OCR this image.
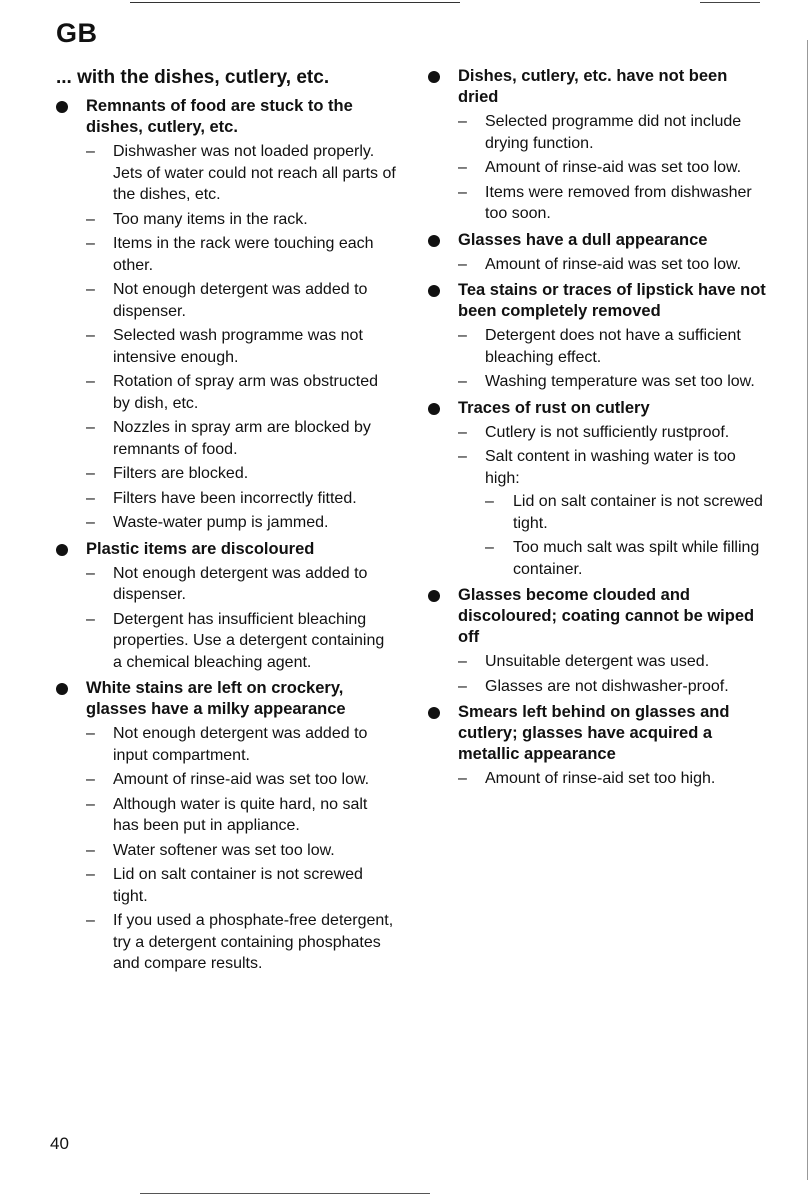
GB
... with the dishes, cutlery, etc.
Remnants of food are stuck to the dishes, cutlery, etc.
– Dishwasher was not loaded properly. Jets of water could not reach all parts of the dishes, etc.
– Too many items in the rack.
– Items in the rack were touching each other.
– Not enough detergent was added to dispenser.
– Selected wash programme was not intensive enough.
– Rotation of spray arm was obstructed by dish, etc.
– Nozzles in spray arm are blocked by remnants of food.
– Filters are blocked.
– Filters have been incorrectly fitted.
– Waste-water pump is jammed.
Plastic items are discoloured
– Not enough detergent was added to dispenser.
– Detergent has insufficient bleaching properties. Use a detergent containing a chemical bleaching agent.
White stains are left on crockery, glasses have a milky appearance
– Not enough detergent was added to input compartment.
– Amount of rinse-aid was set too low.
– Although water is quite hard, no salt has been put in appliance.
– Water softener was set too low.
– Lid on salt container is not screwed tight.
– If you used a phosphate-free detergent, try a detergent containing phosphates and compare results.
Dishes, cutlery, etc. have not been dried
– Selected programme did not include drying function.
– Amount of rinse-aid was set too low.
– Items were removed from dishwasher too soon.
Glasses have a dull appearance
– Amount of rinse-aid was set too low.
Tea stains or traces of lipstick have not been completely removed
– Detergent does not have a sufficient bleaching effect.
– Washing temperature was set too low.
Traces of rust on cutlery
– Cutlery is not sufficiently rustproof.
– Salt content in washing water is too high:
– Lid on salt container is not screwed tight.
– Too much salt was spilt while filling container.
Glasses become clouded and discoloured; coating cannot be wiped off
– Unsuitable detergent was used.
– Glasses are not dishwasher-proof.
Smears left behind on glasses and cutlery; glasses have acquired a metallic appearance
– Amount of rinse-aid set too high.
40
